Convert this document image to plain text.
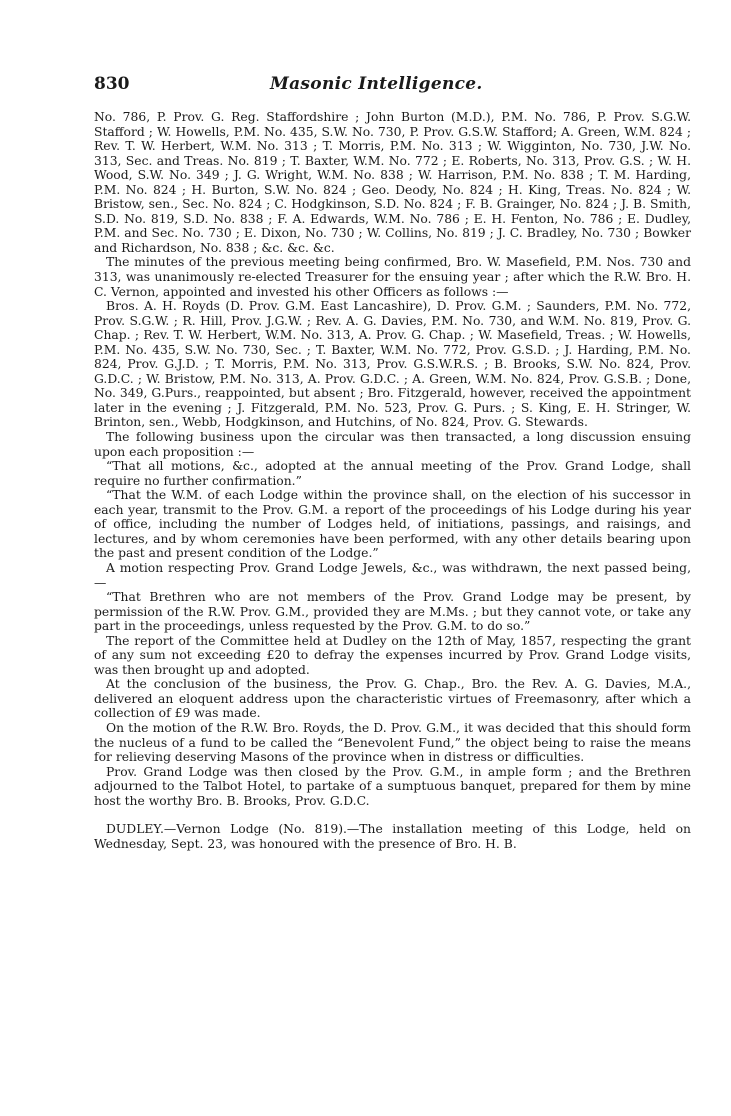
830	Masonic Intelligence.

No. 786, P. Prov. G. Reg. Staffordshire ; John Burton (M.D.), P.M. No. 786, P. Prov. S.G.W. Stafford ; W. Howells, P.M. No. 435, S.W. No. 730, P. Prov. G.S.W. Stafford; A. Green, W.M. 824 ; Rev. T. W. Herbert, W.M. No. 313 ; T. Morris, P.M. No. 313 ; W. Wigginton, No. 730, J.W. No. 313, Sec. and Treas. No. 819 ; T. Baxter, W.M. No. 772 ; E. Roberts, No. 313, Prov. G.S. ; W. H. Wood, S.W. No. 349 ; J. G. Wright, W.M. No. 838 ; W. Harrison, P.M. No. 838 ; T. M. Harding, P.M. No. 824 ; H. Burton, S.W. No. 824 ; Geo. Deody, No. 824 ; H. King, Treas. No. 824 ; W. Bristow, sen., Sec. No. 824 ; C. Hodgkinson, S.D. No. 824 ; F. B. Grainger, No. 824 ; J. B. Smith, S.D. No. 819, S.D. No. 838 ; F. A. Edwards, W.M. No. 786 ; E. H. Fenton, No. 786 ; E. Dudley, P.M. and Sec. No. 730 ; E. Dixon, No. 730 ; W. Collins, No. 819 ; J. C. Bradley, No. 730 ; Bowker and Richardson, No. 838 ; &c. &c. &c.

The minutes of the previous meeting being confirmed, Bro. W. Masefield, P.M. Nos. 730 and 313, was unanimously re-elected Treasurer for the ensuing year ; after which the R.W. Bro. H. C. Vernon, appointed and invested his other Officers as follows :—

Bros. A. H. Royds (D. Prov. G.M. East Lancashire), D. Prov. G.M. ; Saunders, P.M. No. 772, Prov. S.G.W. ; R. Hill, Prov. J.G.W. ; Rev. A. G. Davies, P.M. No. 730, and W.M. No. 819, Prov. G. Chap. ; Rev. T. W. Herbert, W.M. No. 313, A. Prov. G. Chap. ; W. Masefield, Treas. ; W. Howells, P.M. No. 435, S.W. No. 730, Sec. ; T. Baxter, W.M. No. 772, Prov. G.S.D. ; J. Harding, P.M. No. 824, Prov. G.J.D. ; T. Morris, P.M. No. 313, Prov. G.S.W.R.S. ; B. Brooks, S.W. No. 824, Prov. G.D.C. ; W. Bristow, P.M. No. 313, A. Prov. G.D.C. ; A. Green, W.M. No. 824, Prov. G.S.B. ; Done, No. 349, G.Purs., reappointed, but absent ; Bro. Fitzgerald, however, received the appointment later in the evening ; J. Fitzgerald, P.M. No. 523, Prov. G. Purs. ; S. King, E. H. Stringer, W. Brinton, sen., Webb, Hodgkinson, and Hutchins, of No. 824, Prov. G. Stewards.

The following business upon the circular was then transacted, a long discussion ensuing upon each proposition :—

“That all motions, &c., adopted at the annual meeting of the Prov. Grand Lodge, shall require no further confirmation.”

“That the W.M. of each Lodge within the province shall, on the election of his successor in each year, transmit to the Prov. G.M. a report of the proceedings of his Lodge during his year of office, including the number of Lodges held, of initiations, passings, and raisings, and lectures, and by whom ceremonies have been performed, with any other details bearing upon the past and present condition of the Lodge.”

A motion respecting Prov. Grand Lodge Jewels, &c., was withdrawn, the next passed being,—

“That Brethren who are not members of the Prov. Grand Lodge may be present, by permission of the R.W. Prov. G.M., provided they are M.Ms. ; but they cannot vote, or take any part in the proceedings, unless requested by the Prov. G.M. to do so.”

The report of the Committee held at Dudley on the 12th of May, 1857, respecting the grant of any sum not exceeding £20 to defray the expenses incurred by Prov. Grand Lodge visits, was then brought up and adopted.

At the conclusion of the business, the Prov. G. Chap., Bro. the Rev. A. G. Davies, M.A., delivered an eloquent address upon the characteristic virtues of Freemasonry, after which a collection of £9 was made.

On the motion of the R.W. Bro. Royds, the D. Prov. G.M., it was decided that this should form the nucleus of a fund to be called the “Benevolent Fund,” the object being to raise the means for relieving deserving Masons of the province when in distress or difficulties.

Prov. Grand Lodge was then closed by the Prov. G.M., in ample form ; and the Brethren adjourned to the Talbot Hotel, to partake of a sumptuous banquet, prepared for them by mine host the worthy Bro. B. Brooks, Prov. G.D.C.

DUDLEY.—Vernon Lodge (No. 819).—The installation meeting of this Lodge, held on Wednesday, Sept. 23, was honoured with the presence of Bro. H. B.
